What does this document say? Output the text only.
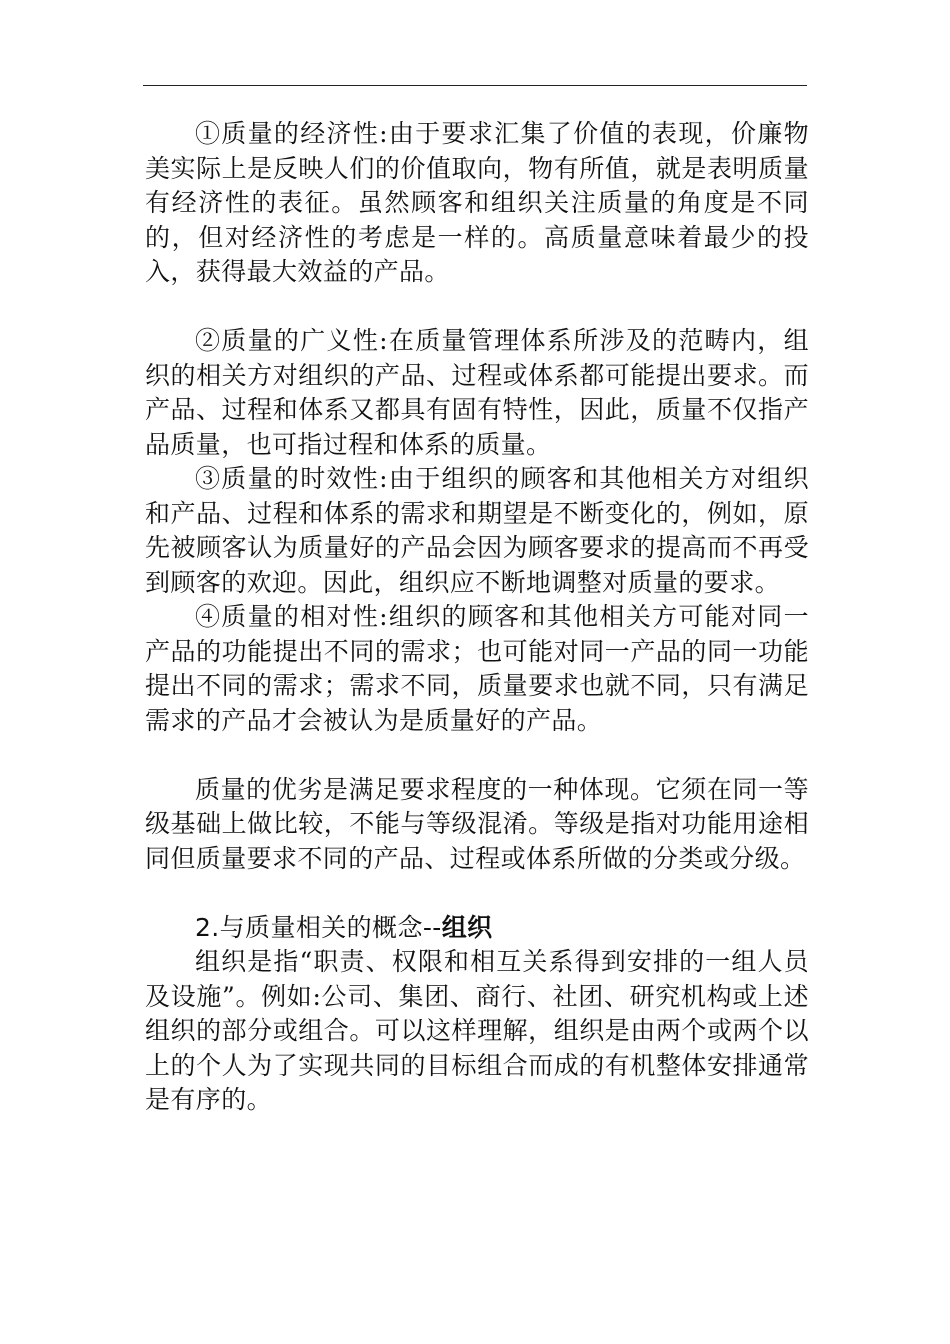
①质量的经济性:由于要求汇集了价值的表现，价廉物美实际上是反映人们的价值取向，物有所值，就是表明质量有经济性的表征。虽然顾客和组织关注质量的角度是不同的，但对经济性的考虑是一样的。高质量意味着最少的投入，获得最大效益的产品。

②质量的广义性:在质量管理体系所涉及的范畴内，组织的相关方对组织的产品、过程或体系都可能提出要求。而产品、过程和体系又都具有固有特性，因此，质量不仅指产品质量，也可指过程和体系的质量。

③质量的时效性:由于组织的顾客和其他相关方对组织和产品、过程和体系的需求和期望是不断变化的，例如，原先被顾客认为质量好的产品会因为顾客要求的提高而不再受到顾客的欢迎。因此，组织应不断地调整对质量的要求。

④质量的相对性:组织的顾客和其他相关方可能对同一产品的功能提出不同的需求；也可能对同一产品的同一功能提出不同的需求；需求不同，质量要求也就不同，只有满足需求的产品才会被认为是质量好的产品。

质量的优劣是满足要求程度的一种体现。它须在同一等级基础上做比较，不能与等级混淆。等级是指对功能用途相同但质量要求不同的产品、过程或体系所做的分类或分级。

2.与质量相关的概念--组织

组织是指“职责、权限和相互关系得到安排的一组人员及设施”。例如:公司、集团、商行、社团、研究机构或上述组织的部分或组合。可以这样理解，组织是由两个或两个以上的个人为了实现共同的目标组合而成的有机整体安排通常是有序的。
